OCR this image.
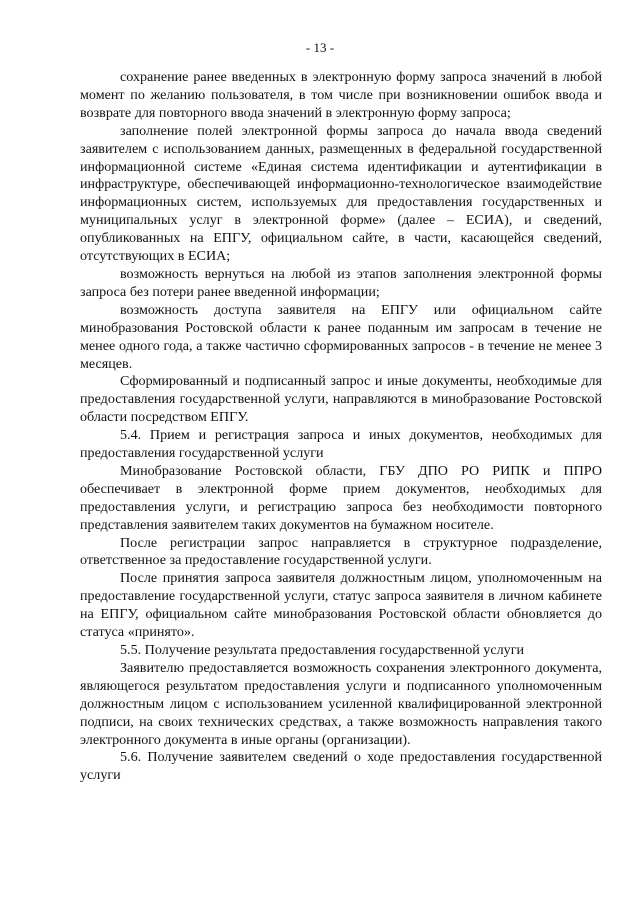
- 13 -

сохранение ранее введенных в электронную форму запроса значений в любой момент по желанию пользователя, в том числе при возникновении ошибок ввода и возврате для повторного ввода значений в электронную форму запроса;

заполнение полей электронной формы запроса до начала ввода сведений заявителем с использованием данных, размещенных в федеральной государственной информационной системе «Единая система идентификации и аутентификации в инфраструктуре, обеспечивающей информационно-технологическое взаимодействие информационных систем, используемых для предоставления государственных и муниципальных услуг в электронной форме» (далее – ЕСИА), и сведений, опубликованных на ЕПГУ, официальном сайте, в части, касающейся сведений, отсутствующих в ЕСИА;

возможность вернуться на любой из этапов заполнения электронной формы запроса без потери ранее введенной информации;

возможность доступа заявителя на ЕПГУ или официальном сайте минобразования Ростовской области к ранее поданным им запросам в течение не менее одного года, а также частично сформированных запросов - в течение не менее 3 месяцев.

Сформированный и подписанный запрос и иные документы, необходимые для предоставления государственной услуги, направляются в минобразование Ростовской области посредством ЕПГУ.

5.4. Прием и регистрация запроса и иных документов, необходимых для предоставления государственной услуги

Минобразование Ростовской области, ГБУ ДПО РО РИПК и ППРО обеспечивает в электронной форме прием документов, необходимых для предоставления услуги, и регистрацию запроса без необходимости повторного представления заявителем таких документов на бумажном носителе.

После регистрации запрос направляется в структурное подразделение, ответственное за предоставление государственной услуги.

После принятия запроса заявителя должностным лицом, уполномоченным на предоставление государственной услуги, статус запроса заявителя в личном кабинете на ЕПГУ, официальном сайте минобразования Ростовской области обновляется до статуса «принято».

5.5. Получение результата предоставления государственной услуги

Заявителю предоставляется возможность сохранения электронного документа, являющегося результатом предоставления услуги и подписанного уполномоченным должностным лицом с использованием усиленной квалифицированной электронной подписи, на своих технических средствах, а также возможность направления такого электронного документа в иные органы (организации).

5.6. Получение заявителем сведений о ходе предоставления государственной услуги
